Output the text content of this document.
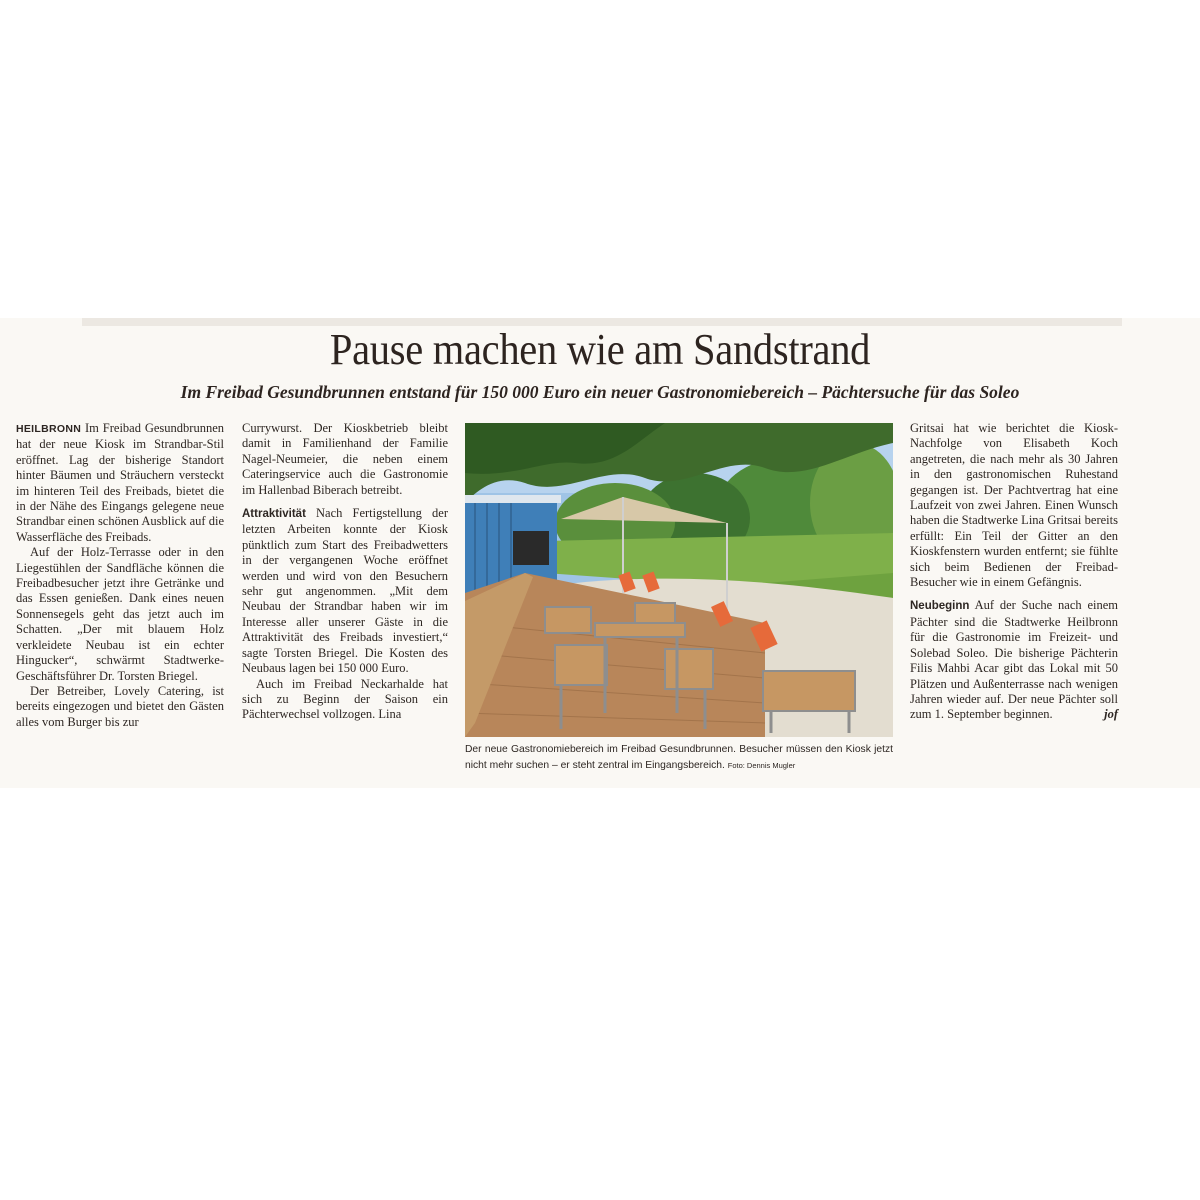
Pause machen wie am Sandstrand
Im Freibad Gesundbrunnen entstand für 150 000 Euro ein neuer Gastronomiebereich – Pächtersuche für das Soleo

HEILBRONN Im Freibad Gesundbrunnen hat der neue Kiosk im Strandbar-Stil eröffnet. Lag der bisherige Standort hinter Bäumen und Sträuchern versteckt im hinteren Teil des Freibads, bietet die in der Nähe des Eingangs gelegene neue Strandbar einen schönen Ausblick auf die Wasserfläche des Freibads.

Auf der Holz-Terrasse oder in den Liegestühlen der Sandfläche können die Freibadbesucher jetzt ihre Getränke und das Essen genießen. Dank eines neuen Sonnensegels geht das jetzt auch im Schatten. „Der mit blauem Holz verkleidete Neubau ist ein echter Hingucker“, schwärmt Stadtwerke-Geschäftsführer Dr. Torsten Briegel.

Der Betreiber, Lovely Catering, ist bereits eingezogen und bietet den Gästen alles vom Burger bis zur

Currywurst. Der Kioskbetrieb bleibt damit in Familienhand der Familie Nagel-Neumeier, die neben einem Cateringservice auch die Gastronomie im Hallenbad Biberach betreibt.

Attraktivität Nach Fertigstellung der letzten Arbeiten konnte der Kiosk pünktlich zum Start des Freibadwetters in der vergangenen Woche eröffnet werden und wird von den Besuchern sehr gut angenommen. „Mit dem Neubau der Strandbar haben wir im Interesse aller unserer Gäste in die Attraktivität des Freibads investiert,“ sagte Torsten Briegel. Die Kosten des Neubaus lagen bei 150 000 Euro.

Auch im Freibad Neckarhalde hat sich zu Beginn der Saison ein Pächterwechsel vollzogen. Lina

Der neue Gastronomiebereich im Freibad Gesundbrunnen. Besucher müssen den Kiosk jetzt nicht mehr suchen – er steht zentral im Eingangsbereich. Foto: Dennis Mugler

Gritsai hat wie berichtet die Kiosk-Nachfolge von Elisabeth Koch angetreten, die nach mehr als 30 Jahren in den gastronomischen Ruhestand gegangen ist. Der Pachtvertrag hat eine Laufzeit von zwei Jahren. Einen Wunsch haben die Stadtwerke Lina Gritsai bereits erfüllt: Ein Teil der Gitter an den Kioskfenstern wurden entfernt; sie fühlte sich beim Bedienen der Freibad-Besucher wie in einem Gefängnis.

Neubeginn Auf der Suche nach einem Pächter sind die Stadtwerke Heilbronn für die Gastronomie im Freizeit- und Solebad Soleo. Die bisherige Pächterin Filis Mahbi Acar gibt das Lokal mit 50 Plätzen und Außenterrasse nach wenigen Jahren wieder auf. Der neue Pächter soll zum 1. September beginnen.	jof
